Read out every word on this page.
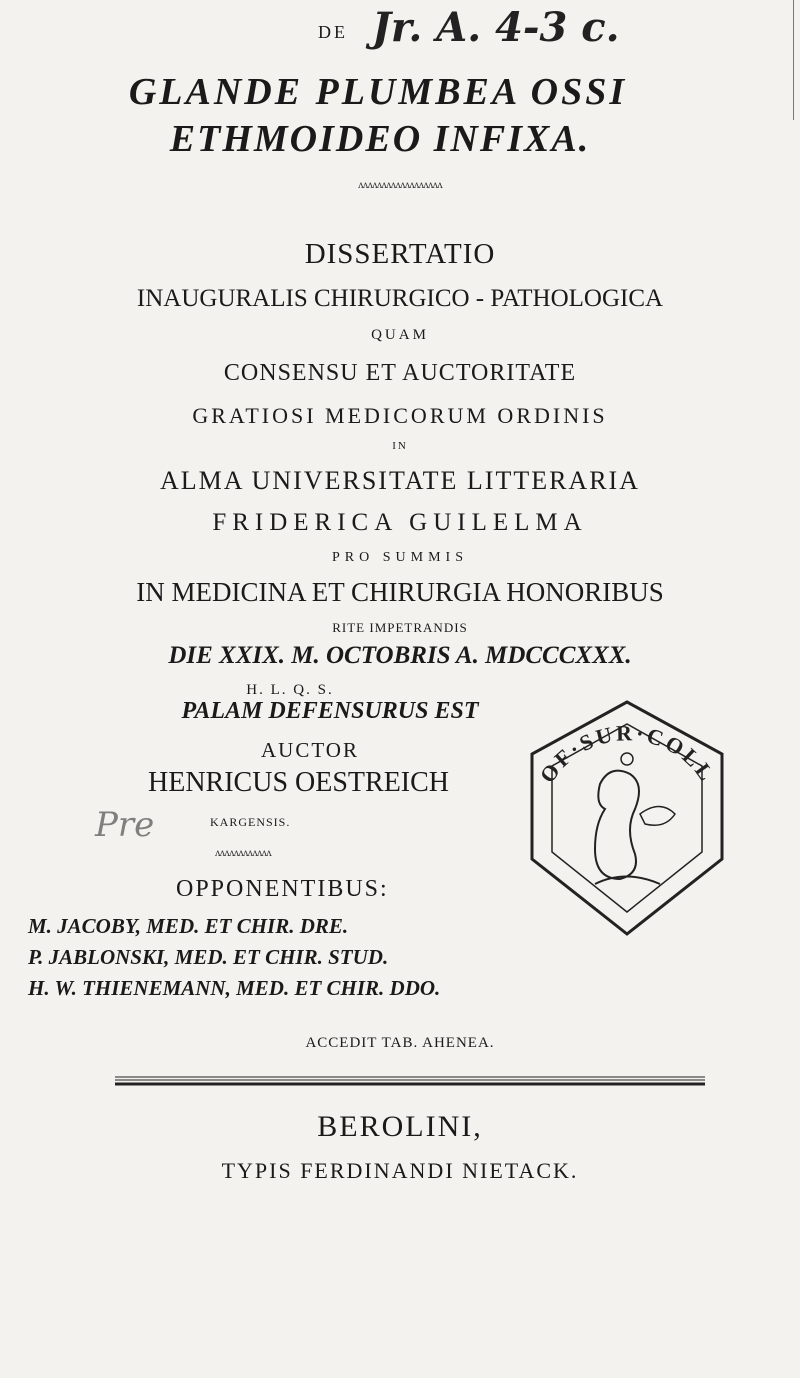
DE Jr. A. 4-3 c.
GLANDE PLUMBEA OSSI
ETHMOIDEO INFIXA.
ʌʌʌʌʌʌʌʌʌʌʌʌʌʌʌʌʌʌ
DISSERTATIO
INAUGURALIS CHIRURGICO - PATHOLOGICA
QUAM
CONSENSU ET AUCTORITATE
GRATIOSI MEDICORUM ORDINIS
IN
ALMA UNIVERSITATE LITTERARIA
FRIDERICA GUILELMA
PRO SUMMIS
IN MEDICINA ET CHIRURGIA HONORIBUS
RITE IMPETRANDIS
DIE XXIX. M. OCTOBRIS A. MDCCCXXX.
H. L. Q. S.
PALAM DEFENSURUS EST
AUCTOR
HENRICUS OESTREICH
KARGENSIS.
Pre
ʌʌʌʌʌʌʌʌʌʌʌʌ
OPPONENTIBUS:
M. JACOBY, MED. ET CHIR. DRE.
P. JABLONSKI, MED. ET CHIR. STUD.
H. W. THIENEMANN, MED. ET CHIR. DDO.
OF·SUR·COLL
ACCEDIT TAB. AHENEA.
BEROLINI,
TYPIS FERDINANDI NIETACK.
